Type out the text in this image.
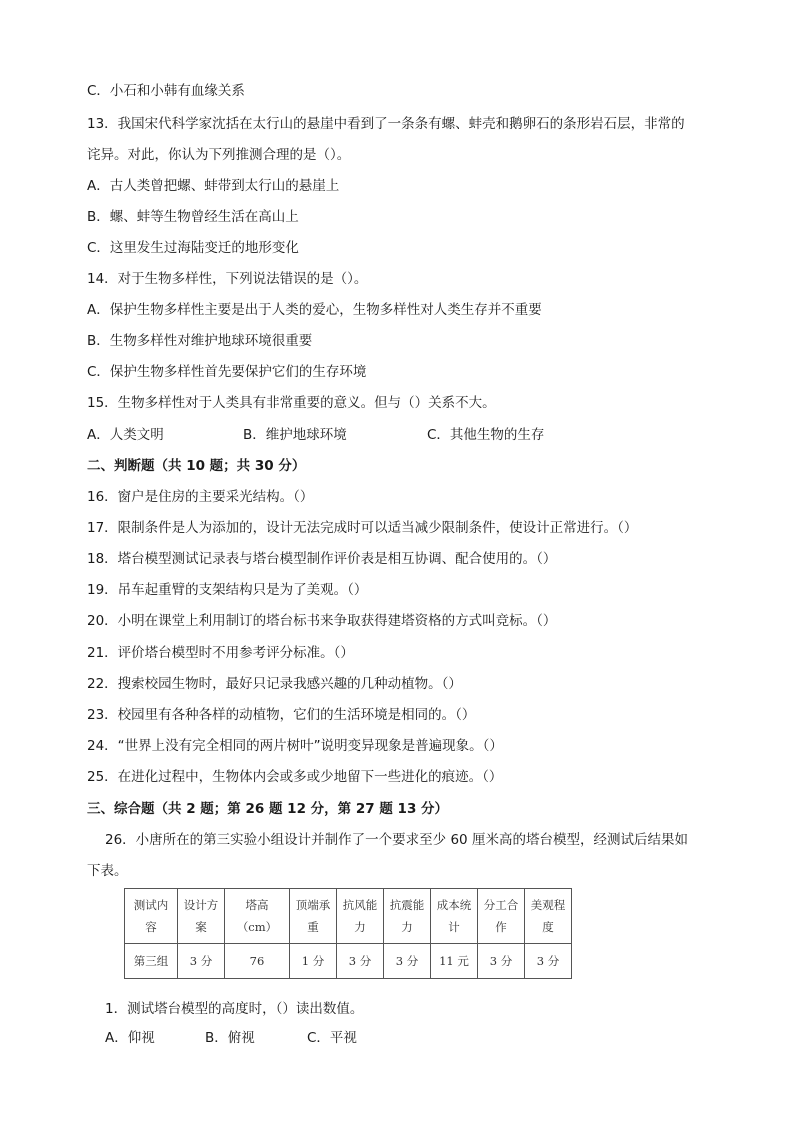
C．小石和小韩有血缘关系
13．我国宋代科学家沈括在太行山的悬崖中看到了一条条有螺、蚌壳和鹅卵石的条形岩石层，非常的
诧异。对此，你认为下列推测合理的是（）。
A．古人类曾把螺、蚌带到太行山的悬崖上
B．螺、蚌等生物曾经生活在高山上
C．这里发生过海陆变迁的地形变化
14．对于生物多样性，下列说法错误的是（）。
A．保护生物多样性主要是出于人类的爱心，生物多样性对人类生存并不重要
B．生物多样性对维护地球环境很重要
C．保护生物多样性首先要保护它们的生存环境
15．生物多样性对于人类具有非常重要的意义。但与（）关系不大。
A．人类文明	B．维护地球环境	C．其他生物的生存
二、判断题（共 10 题；共 30 分）
16．窗户是住房的主要采光结构。（）
17．限制条件是人为添加的，设计无法完成时可以适当减少限制条件，使设计正常进行。（）
18．塔台模型测试记录表与塔台模型制作评价表是相互协调、配合使用的。（）
19．吊车起重臂的支架结构只是为了美观。（）
20．小明在课堂上利用制订的塔台标书来争取获得建塔资格的方式叫竞标。（）
21．评价塔台模型时不用参考评分标准。（）
22．搜索校园生物时，最好只记录我感兴趣的几种动植物。（）
23．校园里有各种各样的动植物，它们的生活环境是相同的。（）
24．“世界上没有完全相同的两片树叶”说明变异现象是普遍现象。（）
25．在进化过程中，生物体内会或多或少地留下一些进化的痕迹。（）
三、综合题（共 2 题；第 26 题 12 分，第 27 题 13 分）
26．小唐所在的第三实验小组设计并制作了一个要求至少 60 厘米高的塔台模型，经测试后结果如
下表。
测试内
容	设计方
案	塔高（cm）	顶端承
重	抗风能
力	抗震能
力	成本统
计	分工合
作	美观程
度
第三组	3 分	76	1 分	3 分	3 分	11 元	3 分	3 分
1．测试塔台模型的高度时，（）读出数值。
A．仰视	B．俯视	C．平视
